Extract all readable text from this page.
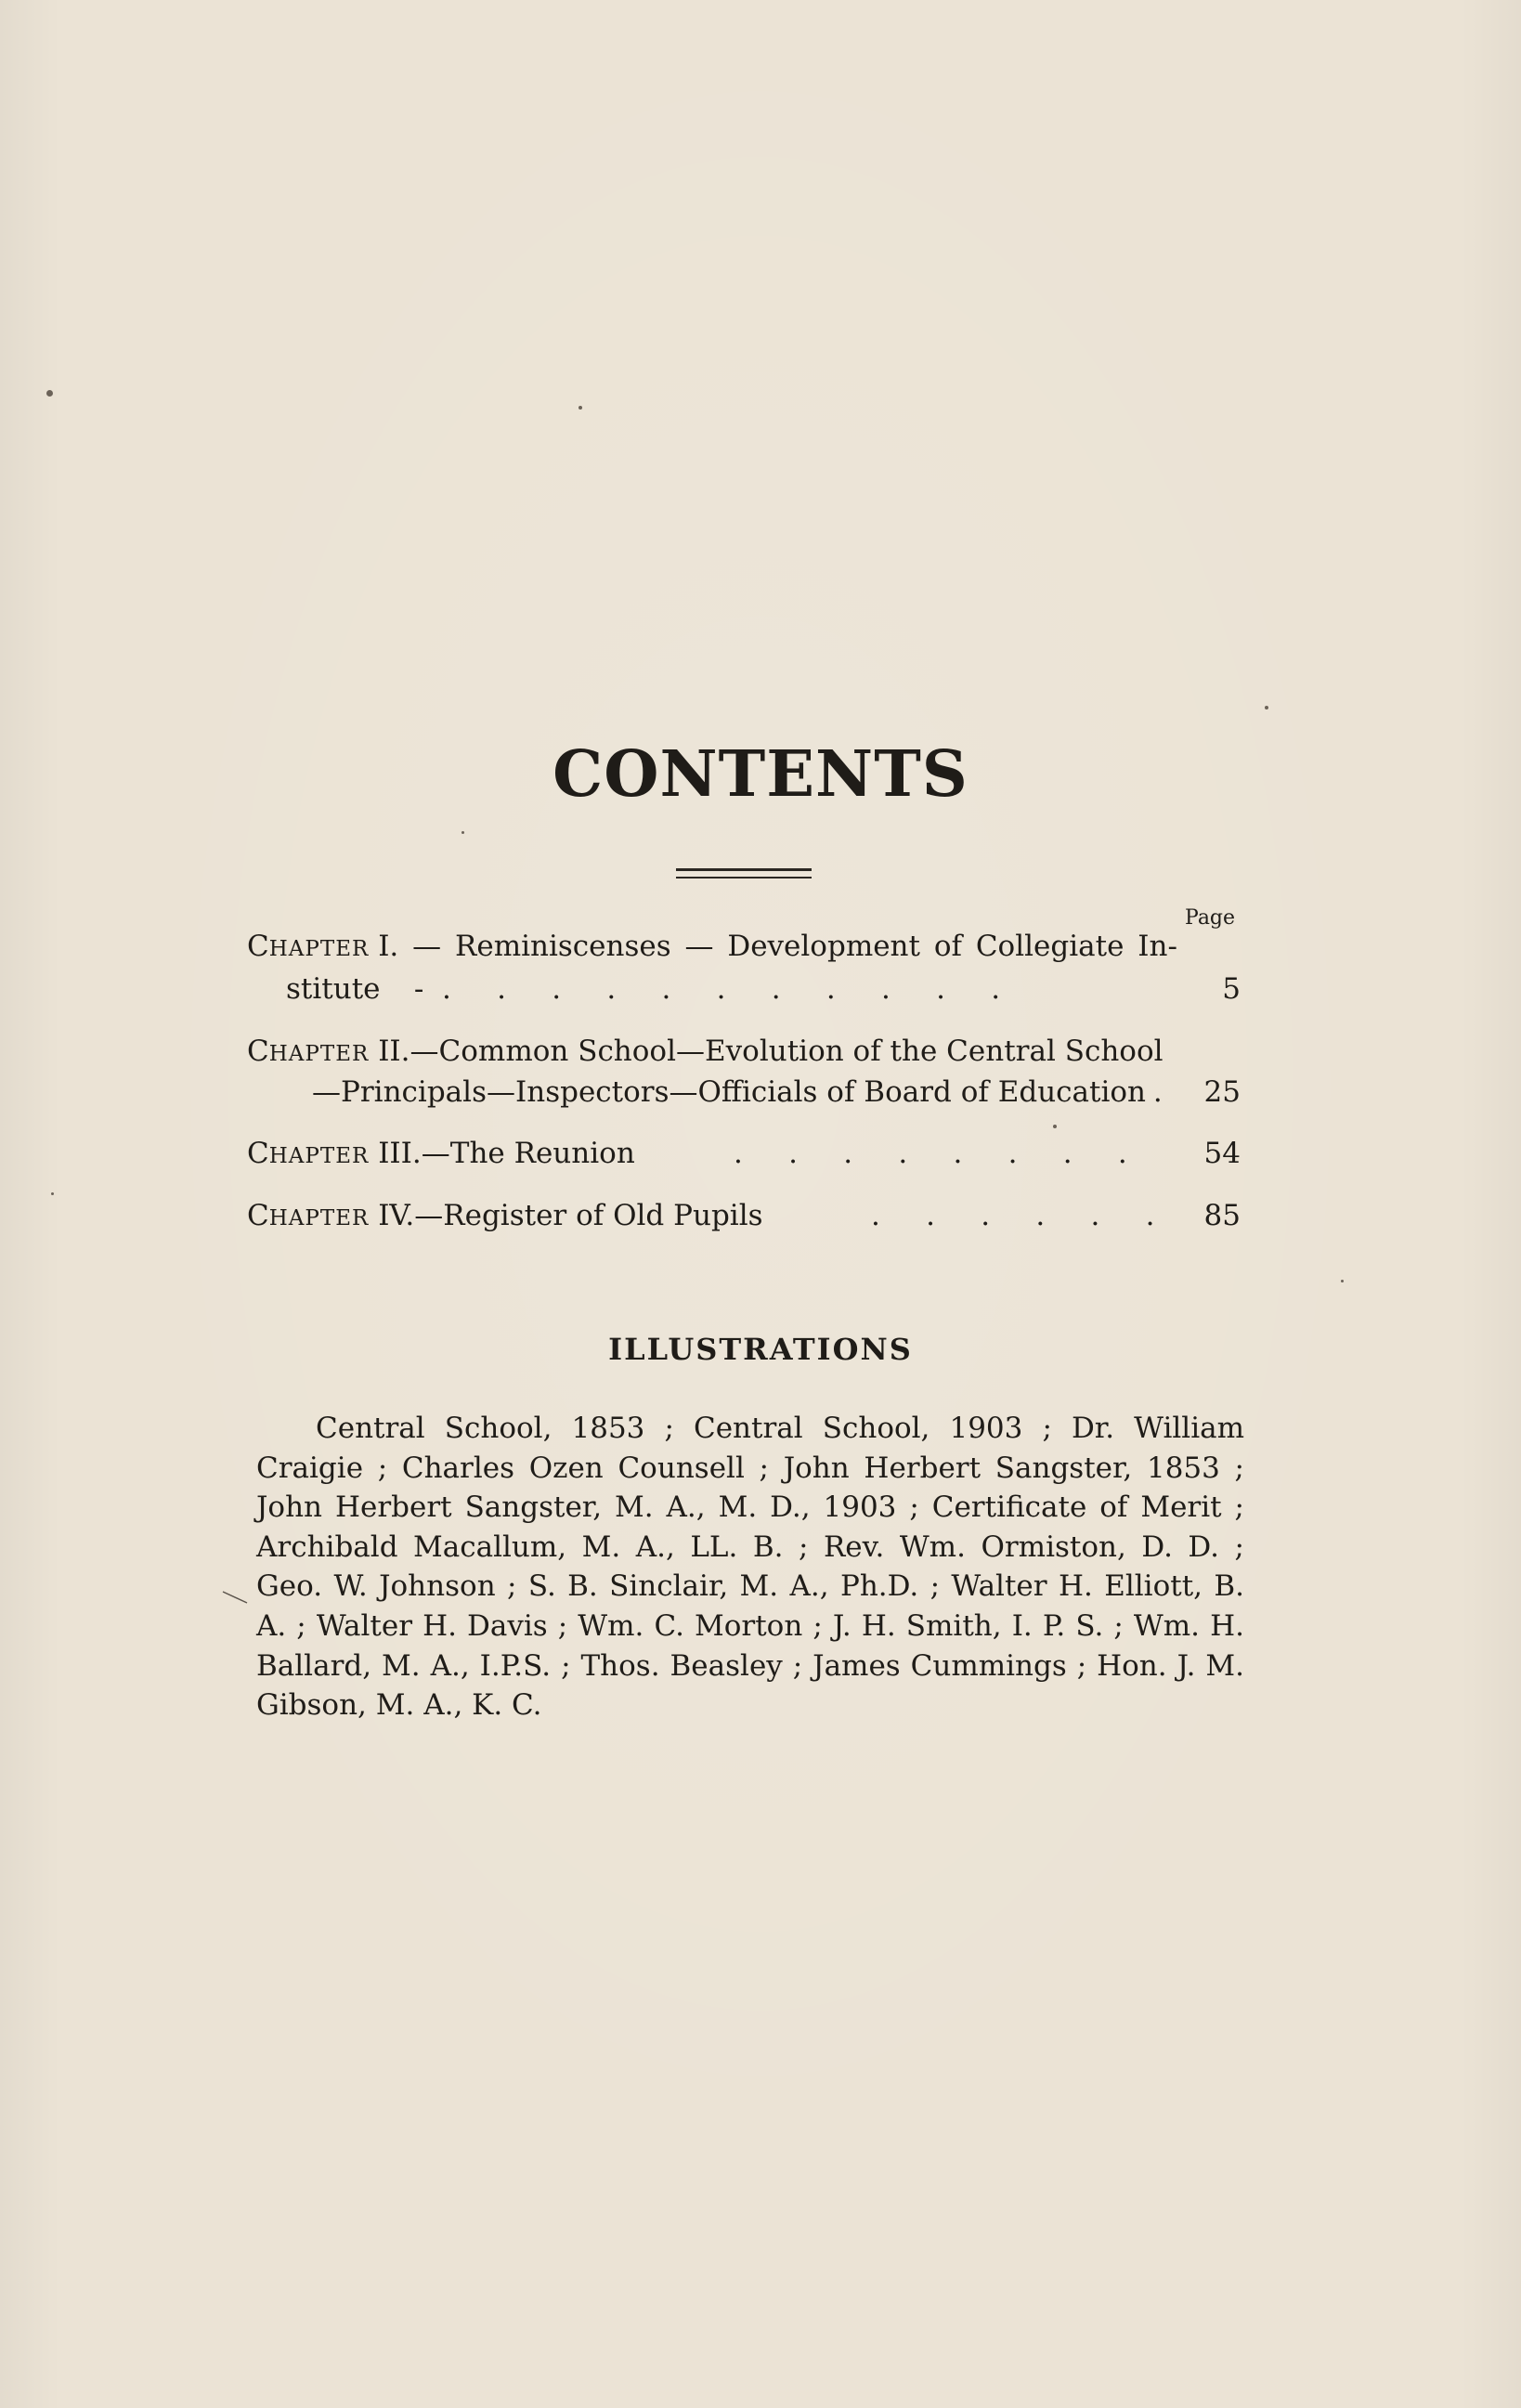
CONTENTS
Page
CHAPTER I. — Reminiscenses — Development of Collegiate In-
stitute -  .     .     .     .     .     .     .     .     .     .     .	5
CHAPTER II.—Common School—Evolution of the Central School
—Principals—Inspectors—Officials of Board of Education
.	25
CHAPTER III.—The Reunion	.     .     .     .     .     .     .     .	54
CHAPTER IV.—Register of Old Pupils	.     .     .     .     .     .	85
ILLUSTRATIONS

Central School, 1853 ; Central School, 1903 ; Dr. William Craigie ; Charles Ozen Counsell ; John Herbert Sangster, 1853 ; John Herbert Sangster, M. A., M. D., 1903 ; Certificate of Merit ; Archibald Macallum, M. A., LL. B. ; Rev. Wm. Ormiston, D. D. ; Geo. W. Johnson ; S. B. Sinclair, M. A., Ph.D. ; Walter H. Elliott, B. A. ; Walter H. Davis ; Wm. C. Morton ; J. H. Smith, I. P. S. ; Wm. H. Ballard, M. A., I.P.S. ; Thos. Beasley ; James Cummings ; Hon. J. M. Gibson, M. A., K. C.
